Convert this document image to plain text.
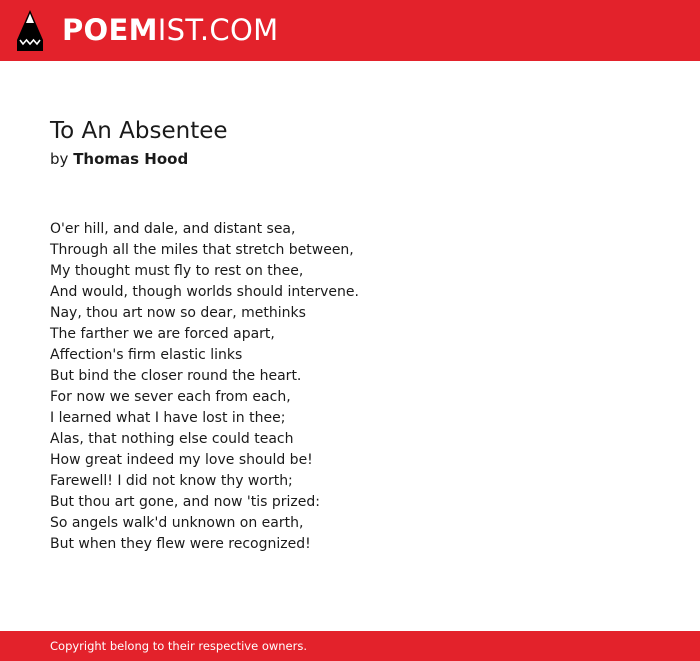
POEMIST.COM
To An Absentee
by Thomas Hood
O'er hill, and dale, and distant sea,
Through all the miles that stretch between,
My thought must fly to rest on thee,
And would, though worlds should intervene.
Nay, thou art now so dear, methinks
The farther we are forced apart,
Affection's firm elastic links
But bind the closer round the heart.
For now we sever each from each,
I learned what I have lost in thee;
Alas, that nothing else could teach
How great indeed my love should be!
Farewell! I did not know thy worth;
But thou art gone, and now 'tis prized:
So angels walk'd unknown on earth,
But when they flew were recognized!
Copyright belong to their respective owners.
